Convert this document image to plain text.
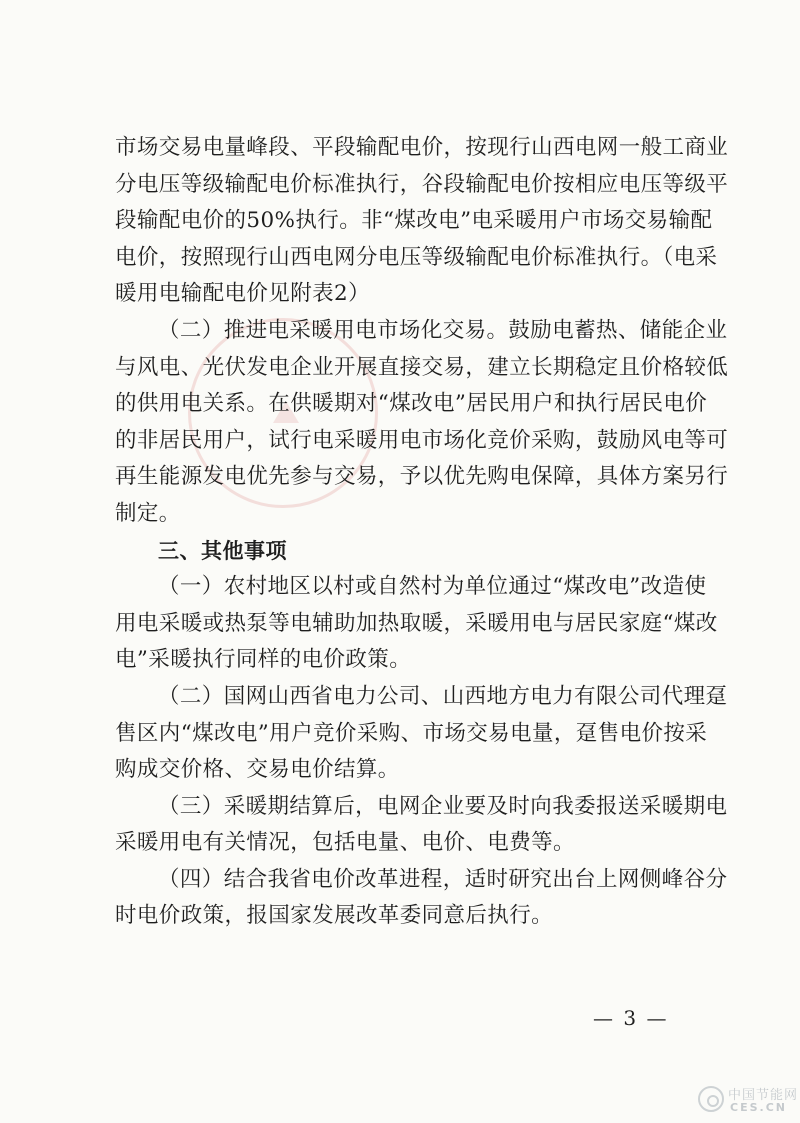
市场交易电量峰段、平段输配电价，按现行山西电网一般工商业
分电压等级输配电价标准执行，谷段输配电价按相应电压等级平
段输配电价的50%执行。非“煤改电”电采暖用户市场交易输配
电价，按照现行山西电网分电压等级输配电价标准执行。（电采
暖用电输配电价见附表2）
（二）推进电采暖用电市场化交易。鼓励电蓄热、储能企业
与风电、光伏发电企业开展直接交易，建立长期稳定且价格较低
的供用电关系。在供暖期对“煤改电”居民用户和执行居民电价
的非居民用户，试行电采暖用电市场化竞价采购，鼓励风电等可
再生能源发电优先参与交易，予以优先购电保障，具体方案另行
制定。
三、其他事项
（一）农村地区以村或自然村为单位通过“煤改电”改造使
用电采暖或热泵等电辅助加热取暖，采暖用电与居民家庭“煤改
电”采暖执行同样的电价政策。
（二）国网山西省电力公司、山西地方电力有限公司代理趸
售区内“煤改电”用户竞价采购、市场交易电量，趸售电价按采
购成交价格、交易电价结算。
（三）采暖期结算后，电网企业要及时向我委报送采暖期电
采暖用电有关情况，包括电量、电价、电费等。
（四）结合我省电价改革进程，适时研究出台上网侧峰谷分
时电价政策，报国家发展改革委同意后执行。
— 3 —
中国节能网
CES.CN
